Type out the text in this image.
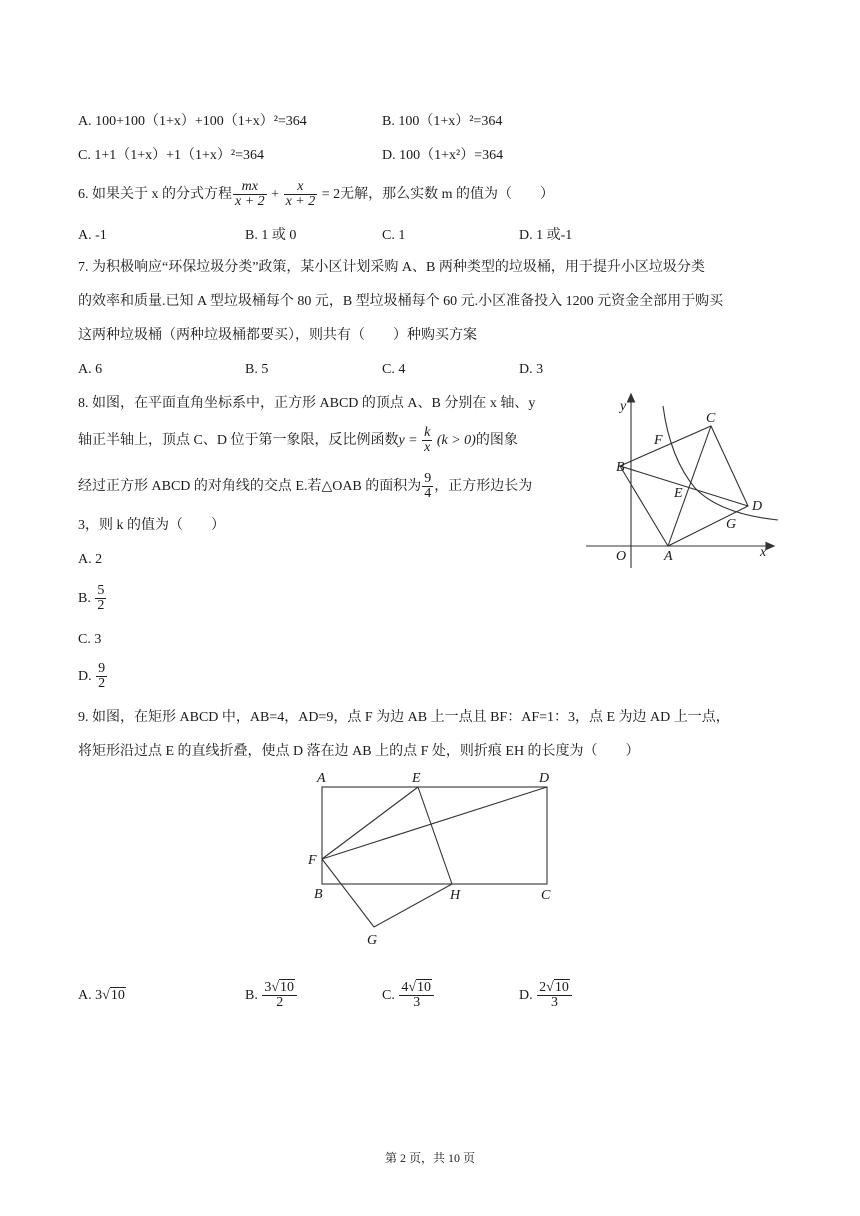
A. 100+100（1+x）+100（1+x）²=364	B. 100（1+x）²=364
C. 1+1（1+x）+1（1+x）²=364	D. 100（1+x²）=364
6. 如果关于 x 的分式方程 $\frac{mx}{x + 2} + \frac{x}{x + 2} = 2$无解，那么实数 m 的值为（　　）
A. -1	B. 1 或 0	C. 1	D. 1 或-1
7. 为积极响应“环保垃圾分类”政策，某小区计划采购 A、B 两种类型的垃圾桶，用于提升小区垃圾分类
的效率和质量.已知 A 型垃圾桶每个 80 元，B 型垃圾桶每个 60 元.小区准备投入 1200 元资金全部用于购买
这两种垃圾桶（两种垃圾桶都要买），则共有（　　）种购买方案
A. 6	B. 5	C. 4	D. 3
8. 如图，在平面直角坐标系中，正方形 ABCD 的顶点 A、B 分别在 x 轴、y
轴正半轴上，顶点 C、D 位于第一象限，反比例函数$y = \frac{k}{x} (k > 0)$的图象
经过正方形 ABCD 的对角线的交点 E.若△OAB 的面积为 $\frac{9}{4}$ ，正方形边长为
3，则 k 的值为（　　）
A. 2
B. $\frac{5}{2}$
C. 3
D. $\frac{9}{2}$
y
C
F
B
E
D
G
O	A	x
9. 如图，在矩形 ABCD 中，AB=4，AD=9，点 F 为边 AB 上一点且 BF：AF=1：3，点 E 为边 AD 上一点，
将矩形沿过点 E 的直线折叠，使点 D 落在边 AB 上的点 F 处，则折痕 EH 的长度为（　　）
A	E	D
F
B	H	C
G
A. 3√10	B. $\frac{3√10}{2}$	C. $\frac{4√10}{3}$	D. $\frac{2√10}{3}$
第 2 页，共 10 页
